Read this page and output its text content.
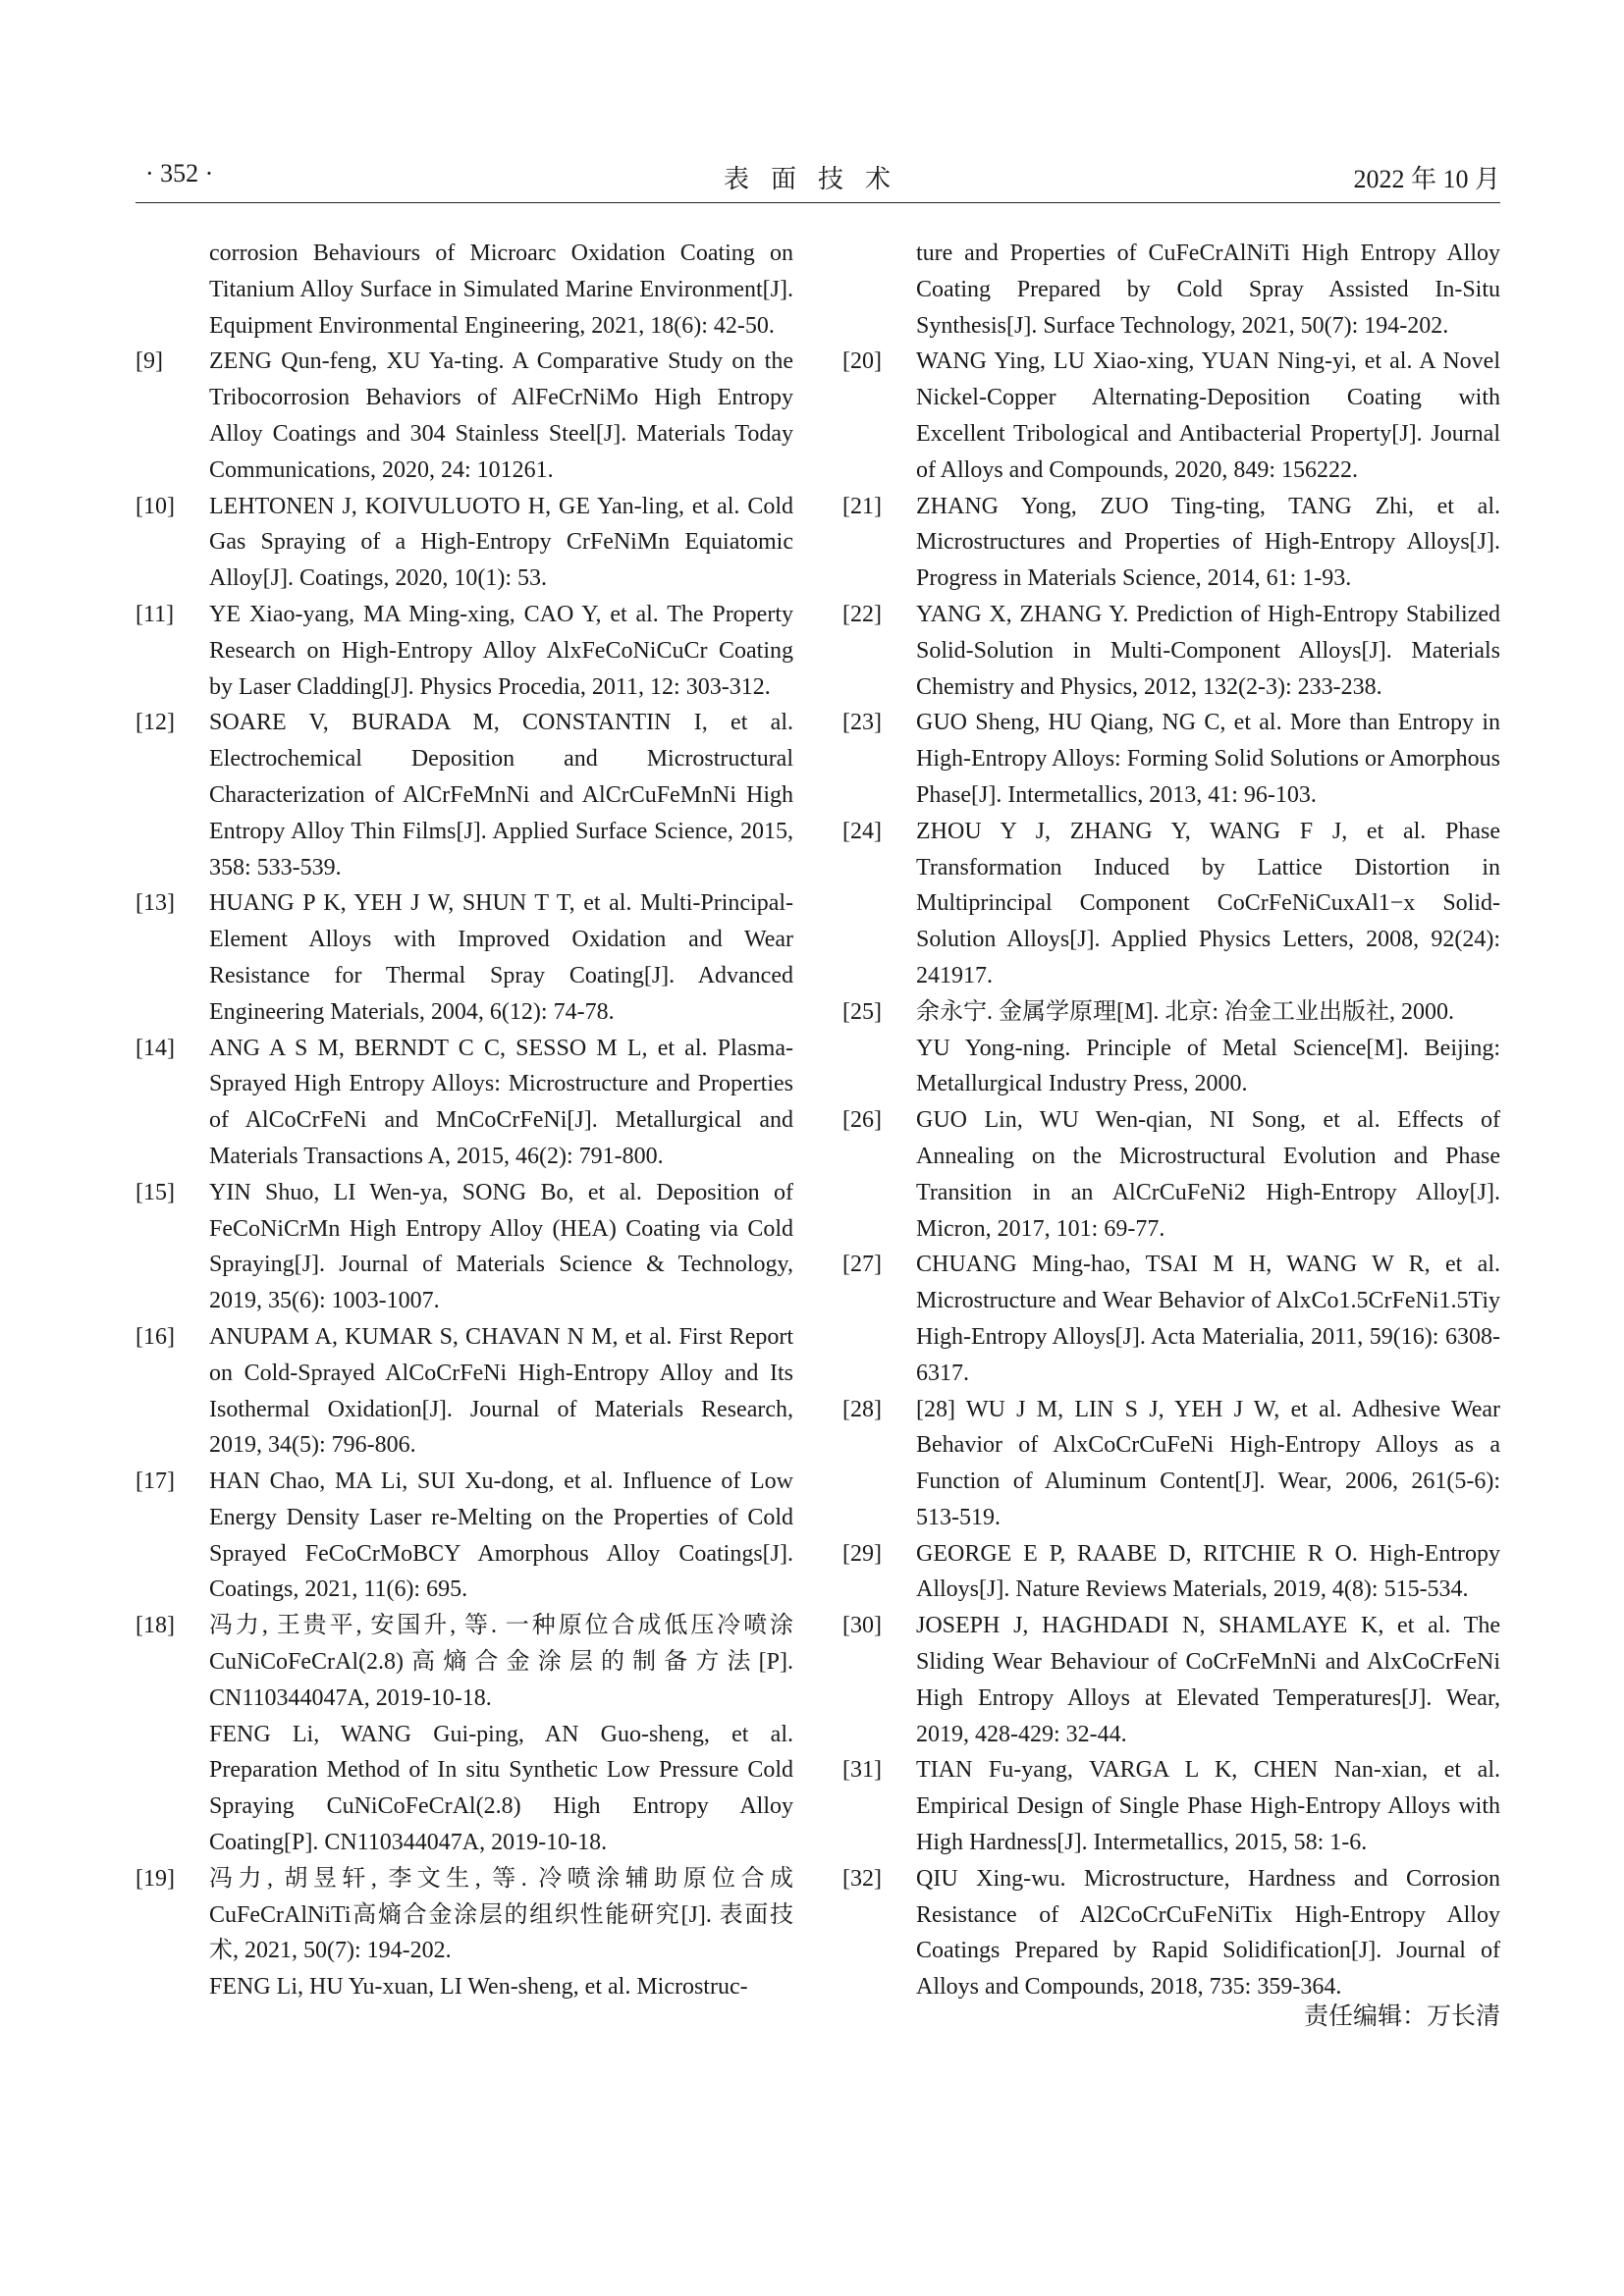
· 352 ·	表面技术	2022 年 10 月
corrosion Behaviours of Microarc Oxidation Coating on Titanium Alloy Surface in Simulated Marine Environment[J]. Equipment Environmental Engineering, 2021, 18(6): 42-50.
[9] ZENG Qun-feng, XU Ya-ting. A Comparative Study on the Tribocorrosion Behaviors of AlFeCrNiMo High Entropy Alloy Coatings and 304 Stainless Steel[J]. Materials Today Communications, 2020, 24: 101261.
[10] LEHTONEN J, KOIVULUOTO H, GE Yan-ling, et al. Cold Gas Spraying of a High-Entropy CrFeNiMn Equiatomic Alloy[J]. Coatings, 2020, 10(1): 53.
[11] YE Xiao-yang, MA Ming-xing, CAO Y, et al. The Property Research on High-Entropy Alloy AlxFeCoNiCuCr Coating by Laser Cladding[J]. Physics Procedia, 2011, 12: 303-312.
[12] SOARE V, BURADA M, CONSTANTIN I, et al. Electrochemical Deposition and Microstructural Characterization of AlCrFeMnNi and AlCrCuFeMnNi High Entropy Alloy Thin Films[J]. Applied Surface Science, 2015, 358: 533-539.
[13] HUANG P K, YEH J W, SHUN T T, et al. Multi-Principal-Element Alloys with Improved Oxidation and Wear Resistance for Thermal Spray Coating[J]. Advanced Engineering Materials, 2004, 6(12): 74-78.
[14] ANG A S M, BERNDT C C, SESSO M L, et al. Plasma-Sprayed High Entropy Alloys: Microstructure and Properties of AlCoCrFeNi and MnCoCrFeNi[J]. Metallurgical and Materials Transactions A, 2015, 46(2): 791-800.
[15] YIN Shuo, LI Wen-ya, SONG Bo, et al. Deposition of FeCoNiCrMn High Entropy Alloy (HEA) Coating via Cold Spraying[J]. Journal of Materials Science & Technology, 2019, 35(6): 1003-1007.
[16] ANUPAM A, KUMAR S, CHAVAN N M, et al. First Report on Cold-Sprayed AlCoCrFeNi High-Entropy Alloy and Its Isothermal Oxidation[J]. Journal of Materials Research, 2019, 34(5): 796-806.
[17] HAN Chao, MA Li, SUI Xu-dong, et al. Influence of Low Energy Density Laser re-Melting on the Properties of Cold Sprayed FeCoCrMoBCY Amorphous Alloy Coatings[J]. Coatings, 2021, 11(6): 695.
[18] 冯力, 王贵平, 安国升, 等. 一种原位合成低压冷喷涂CuNiCoFeCrAl(2.8)高熵合金涂层的制备方法[P]. CN110344047A, 2019-10-18.
FENG Li, WANG Gui-ping, AN Guo-sheng, et al. Preparation Method of In situ Synthetic Low Pressure Cold Spraying CuNiCoFeCrAl(2.8) High Entropy Alloy Coating[P]. CN110344047A, 2019-10-18.
[19] 冯力, 胡昱轩, 李文生, 等. 冷喷涂辅助原位合成CuFeCrAlNiTi高熵合金涂层的组织性能研究[J]. 表面技术, 2021, 50(7): 194-202.
FENG Li, HU Yu-xuan, LI Wen-sheng, et al. Microstruc-
ture and Properties of CuFeCrAlNiTi High Entropy Alloy Coating Prepared by Cold Spray Assisted In-Situ Synthesis[J]. Surface Technology, 2021, 50(7): 194-202.
[20] WANG Ying, LU Xiao-xing, YUAN Ning-yi, et al. A Novel Nickel-Copper Alternating-Deposition Coating with Excellent Tribological and Antibacterial Property[J]. Journal of Alloys and Compounds, 2020, 849: 156222.
[21] ZHANG Yong, ZUO Ting-ting, TANG Zhi, et al. Microstructures and Properties of High-Entropy Alloys[J]. Progress in Materials Science, 2014, 61: 1-93.
[22] YANG X, ZHANG Y. Prediction of High-Entropy Stabilized Solid-Solution in Multi-Component Alloys[J]. Materials Chemistry and Physics, 2012, 132(2-3): 233-238.
[23] GUO Sheng, HU Qiang, NG C, et al. More than Entropy in High-Entropy Alloys: Forming Solid Solutions or Amorphous Phase[J]. Intermetallics, 2013, 41: 96-103.
[24] ZHOU Y J, ZHANG Y, WANG F J, et al. Phase Transformation Induced by Lattice Distortion in Multiprincipal Component CoCrFeNiCuxAl1−x Solid-Solution Alloys[J]. Applied Physics Letters, 2008, 92(24): 241917.
[25] 余永宁. 金属学原理[M]. 北京: 冶金工业出版社, 2000.
YU Yong-ning. Principle of Metal Science[M]. Beijing: Metallurgical Industry Press, 2000.
[26] GUO Lin, WU Wen-qian, NI Song, et al. Effects of Annealing on the Microstructural Evolution and Phase Transition in an AlCrCuFeNi2 High-Entropy Alloy[J]. Micron, 2017, 101: 69-77.
[27] CHUANG Ming-hao, TSAI M H, WANG W R, et al. Microstructure and Wear Behavior of AlxCo1.5CrFeNi1.5Tiy High-Entropy Alloys[J]. Acta Materialia, 2011, 59(16): 6308-6317.
[28] [28] WU J M, LIN S J, YEH J W, et al. Adhesive Wear Behavior of AlxCoCrCuFeNi High-Entropy Alloys as a Function of Aluminum Content[J]. Wear, 2006, 261(5-6): 513-519.
[29] GEORGE E P, RAABE D, RITCHIE R O. High-Entropy Alloys[J]. Nature Reviews Materials, 2019, 4(8): 515-534.
[30] JOSEPH J, HAGHDADI N, SHAMLAYE K, et al. The Sliding Wear Behaviour of CoCrFeMnNi and AlxCoCrFeNi High Entropy Alloys at Elevated Temperatures[J]. Wear, 2019, 428-429: 32-44.
[31] TIAN Fu-yang, VARGA L K, CHEN Nan-xian, et al. Empirical Design of Single Phase High-Entropy Alloys with High Hardness[J]. Intermetallics, 2015, 58: 1-6.
[32] QIU Xing-wu. Microstructure, Hardness and Corrosion Resistance of Al2CoCrCuFeNiTix High-Entropy Alloy Coatings Prepared by Rapid Solidification[J]. Journal of Alloys and Compounds, 2018, 735: 359-364.
责任编辑：万长清
